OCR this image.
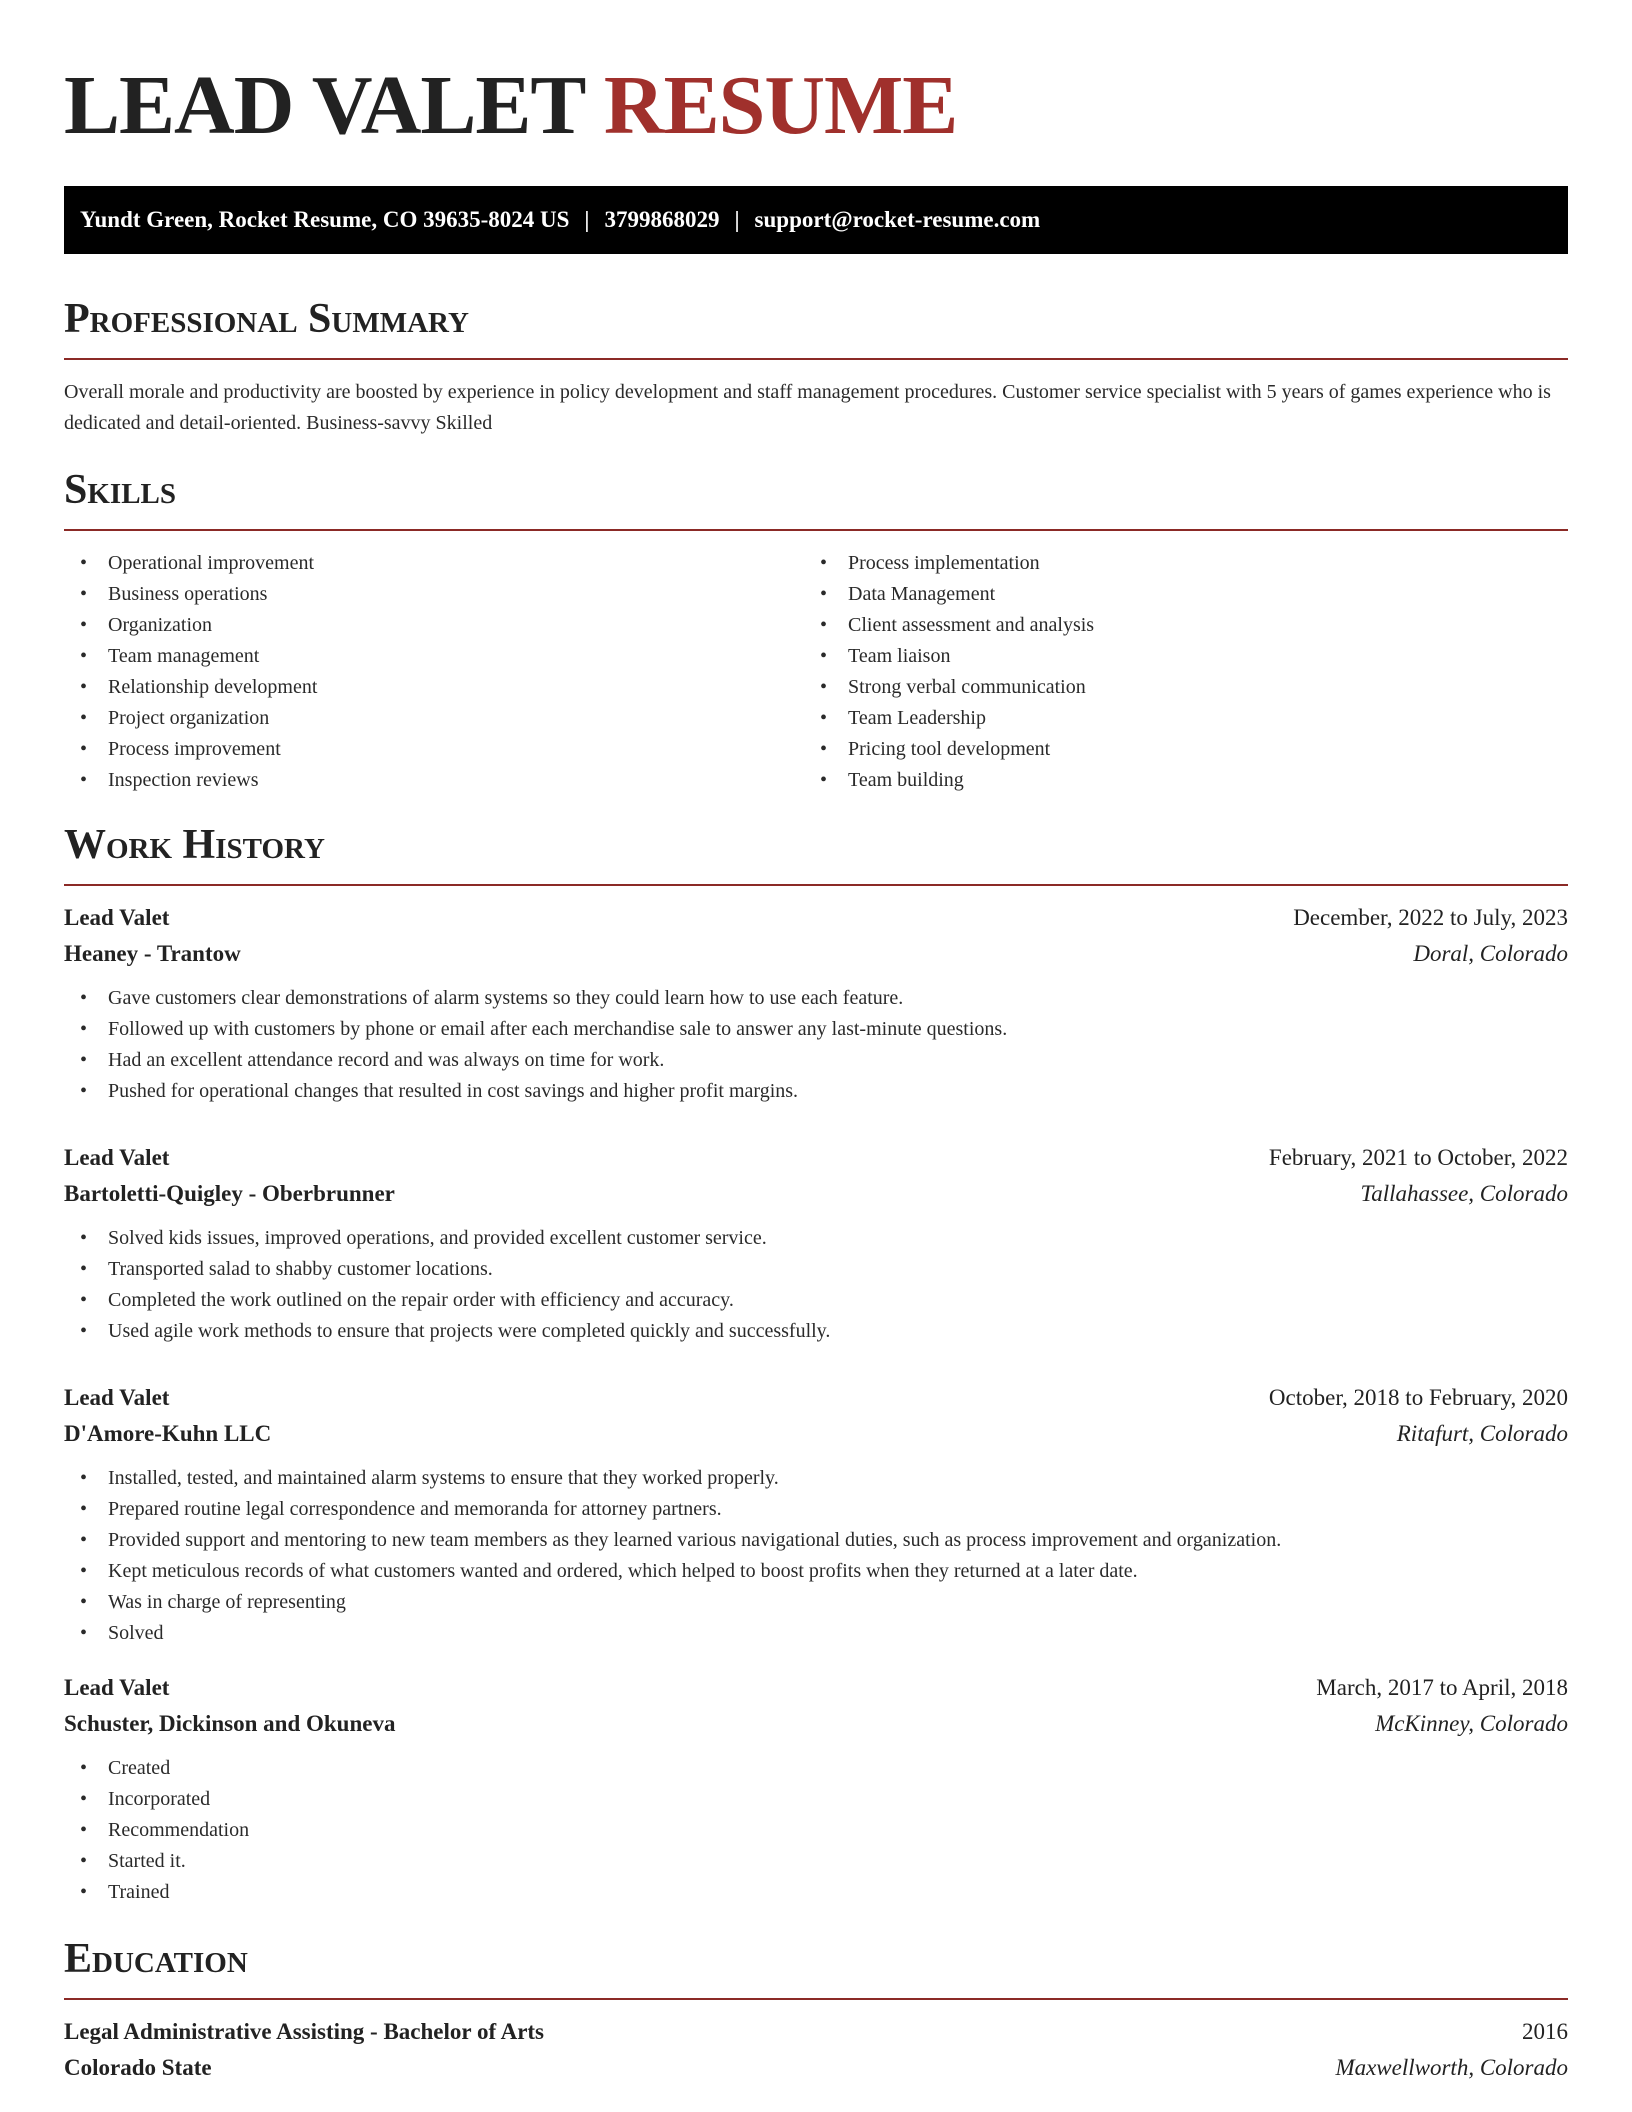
LEAD VALET RESUME
Yundt Green, Rocket Resume, CO 39635-8024 US | 3799868029 | support@rocket-resume.com
Professional Summary

Overall morale and productivity are boosted by experience in policy development and staff management procedures. Customer service specialist with 5 years of games experience who is dedicated and detail-oriented. Business-savvy Skilled

Skills
• Operational improvement
• Business operations
• Organization
• Team management
• Relationship development
• Project organization
• Process improvement
• Inspection reviews
• Process implementation
• Data Management
• Client assessment and analysis
• Team liaison
• Strong verbal communication
• Team Leadership
• Pricing tool development
• Team building
Work History
Lead Valet	December, 2022 to July, 2023
Heaney - Trantow	Doral, Colorado
• Gave customers clear demonstrations of alarm systems so they could learn how to use each feature.
• Followed up with customers by phone or email after each merchandise sale to answer any last-minute questions.
• Had an excellent attendance record and was always on time for work.
• Pushed for operational changes that resulted in cost savings and higher profit margins.
Lead Valet	February, 2021 to October, 2022
Bartoletti-Quigley - Oberbrunner	Tallahassee, Colorado
• Solved kids issues, improved operations, and provided excellent customer service.
• Transported salad to shabby customer locations.
• Completed the work outlined on the repair order with efficiency and accuracy.
• Used agile work methods to ensure that projects were completed quickly and successfully.
Lead Valet	October, 2018 to February, 2020
D'Amore-Kuhn LLC	Ritafurt, Colorado
• Installed, tested, and maintained alarm systems to ensure that they worked properly.
• Prepared routine legal correspondence and memoranda for attorney partners.
• Provided support and mentoring to new team members as they learned various navigational duties, such as process improvement and organization.
• Kept meticulous records of what customers wanted and ordered, which helped to boost profits when they returned at a later date.
• Was in charge of representing
• Solved
Lead Valet	March, 2017 to April, 2018
Schuster, Dickinson and Okuneva	McKinney, Colorado
• Created
• Incorporated
• Recommendation
• Started it.
• Trained
Education
Legal Administrative Assisting - Bachelor of Arts	2016
Colorado State	Maxwellworth, Colorado
